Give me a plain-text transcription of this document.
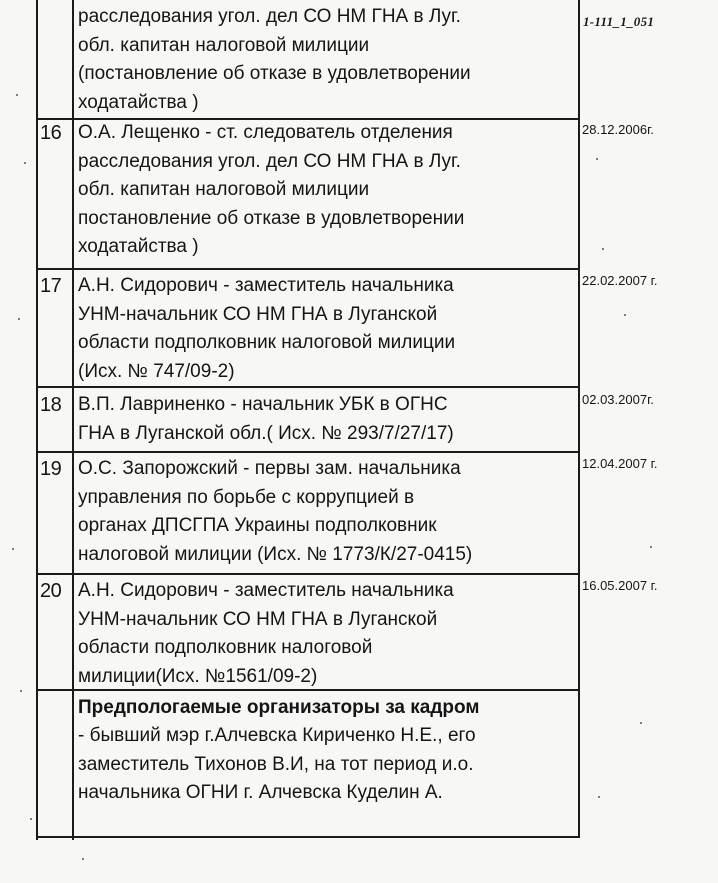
1-111_1_051
расследования угол. дел СО НМ ГНА в Луг.
обл. капитан налоговой милиции
(постановление об отказе в удовлетворении
ходатайства )
16 О.А. Лещенко - ст. следователь отделения
расследования угол. дел СО НМ ГНА в Луг.
обл. капитан налоговой милиции
постановление об отказе в удовлетворении
ходатайства )
28.12.2006г.
17 А.Н. Сидорович - заместитель начальника
УНМ-начальник СО НМ ГНА в Луганской
области подполковник налоговой милиции
(Исх. № 747/09-2)
22.02.2007 г.
18 В.П. Лавриненко - начальник УБК в ОГНС
ГНА в Луганской обл.( Исх. № 293/7/27/17)
02.03.2007г.
19 О.С. Запорожский - первы зам. начальника
управления по борьбе с коррупцией в
органах ДПСГПА Украины подполковник
налоговой милиции (Исх. № 1773/К/27-0415)
12.04.2007 г.
20 А.Н. Сидорович - заместитель начальника
УНМ-начальник СО НМ ГНА в Луганской
области подполковник налоговой
милиции(Исх. №1561/09-2)
16.05.2007 г.
Предпологаемые организаторы за кадром
- бывший мэр г.Алчевска Кириченко Н.Е., его
заместитель Тихонов В.И, на тот период и.о.
начальника ОГНИ г. Алчевска Куделин А.
